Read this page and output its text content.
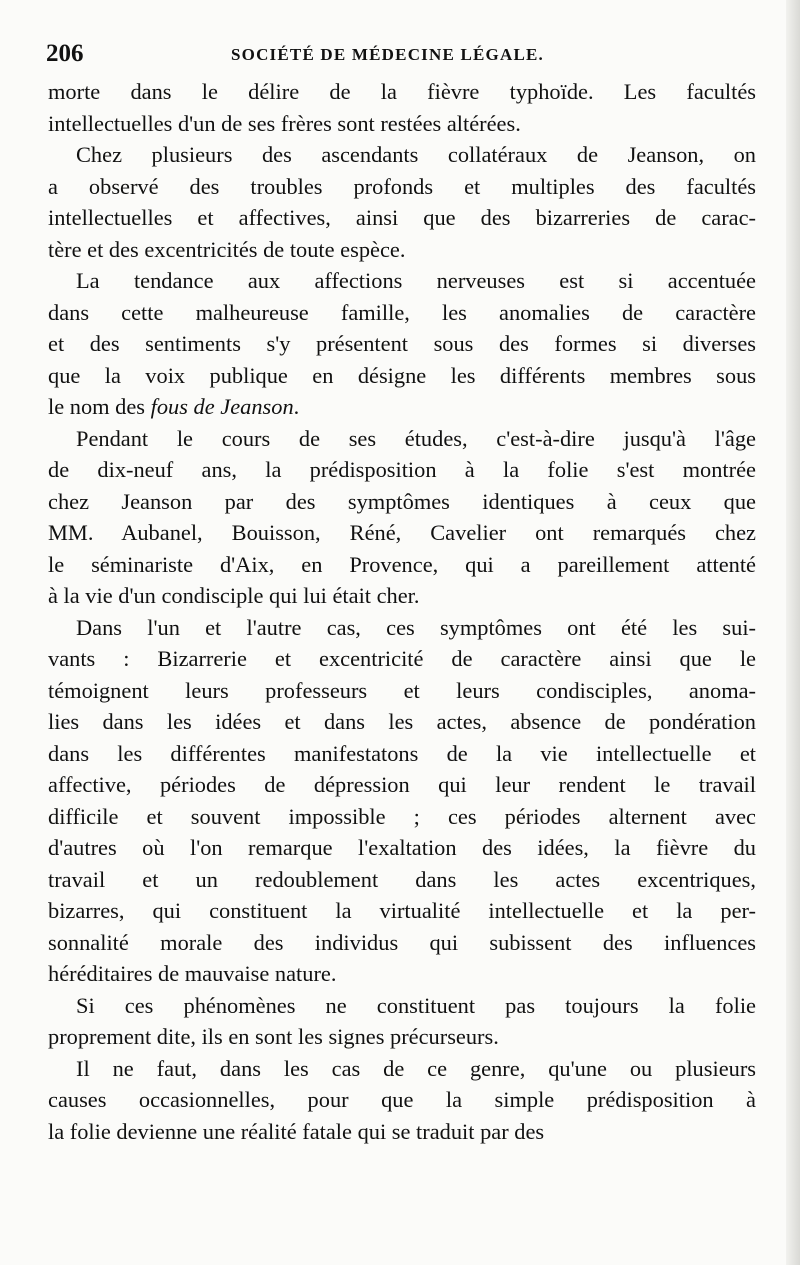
206	SOCIÉTÉ DE MÉDECINE LÉGALE.

morte dans le délire de la fièvre typhoïde. Les facultés

intellectuelles d'un de ses frères sont restées altérées.

Chez plusieurs des ascendants collatéraux de Jeanson, on

a observé des troubles profonds et multiples des facultés

intellectuelles et affectives, ainsi que des bizarreries de carac-

tère et des excentricités de toute espèce.

La tendance aux affections nerveuses est si accentuée

dans cette malheureuse famille, les anomalies de caractère

et des sentiments s'y présentent sous des formes si diverses

que la voix publique en désigne les différents membres sous

le nom des fous de Jeanson.

Pendant le cours de ses études, c'est-à-dire jusqu'à l'âge

de dix-neuf ans, la prédisposition à la folie s'est montrée

chez Jeanson par des symptômes identiques à ceux que

MM. Aubanel, Bouisson, Réné, Cavelier ont remarqués chez

le séminariste d'Aix, en Provence, qui a pareillement attenté

à la vie d'un condisciple qui lui était cher.

Dans l'un et l'autre cas, ces symptômes ont été les sui-

vants : Bizarrerie et excentricité de caractère ainsi que le

témoignent leurs professeurs et leurs condisciples, anoma-

lies dans les idées et dans les actes, absence de pondération

dans les différentes manifestatons de la vie intellectuelle et

affective, périodes de dépression qui leur rendent le travail

difficile et souvent impossible ; ces périodes alternent avec

d'autres où l'on remarque l'exaltation des idées, la fièvre du

travail et un redoublement dans les actes excentriques,

bizarres, qui constituent la virtualité intellectuelle et la per-

sonnalité morale des individus qui subissent des influences

héréditaires de mauvaise nature.

Si ces phénomènes ne constituent pas toujours la folie

proprement dite, ils en sont les signes précurseurs.

Il ne faut, dans les cas de ce genre, qu'une ou plusieurs

causes occasionnelles, pour que la simple prédisposition à

la folie devienne une réalité fatale qui se traduit par des
